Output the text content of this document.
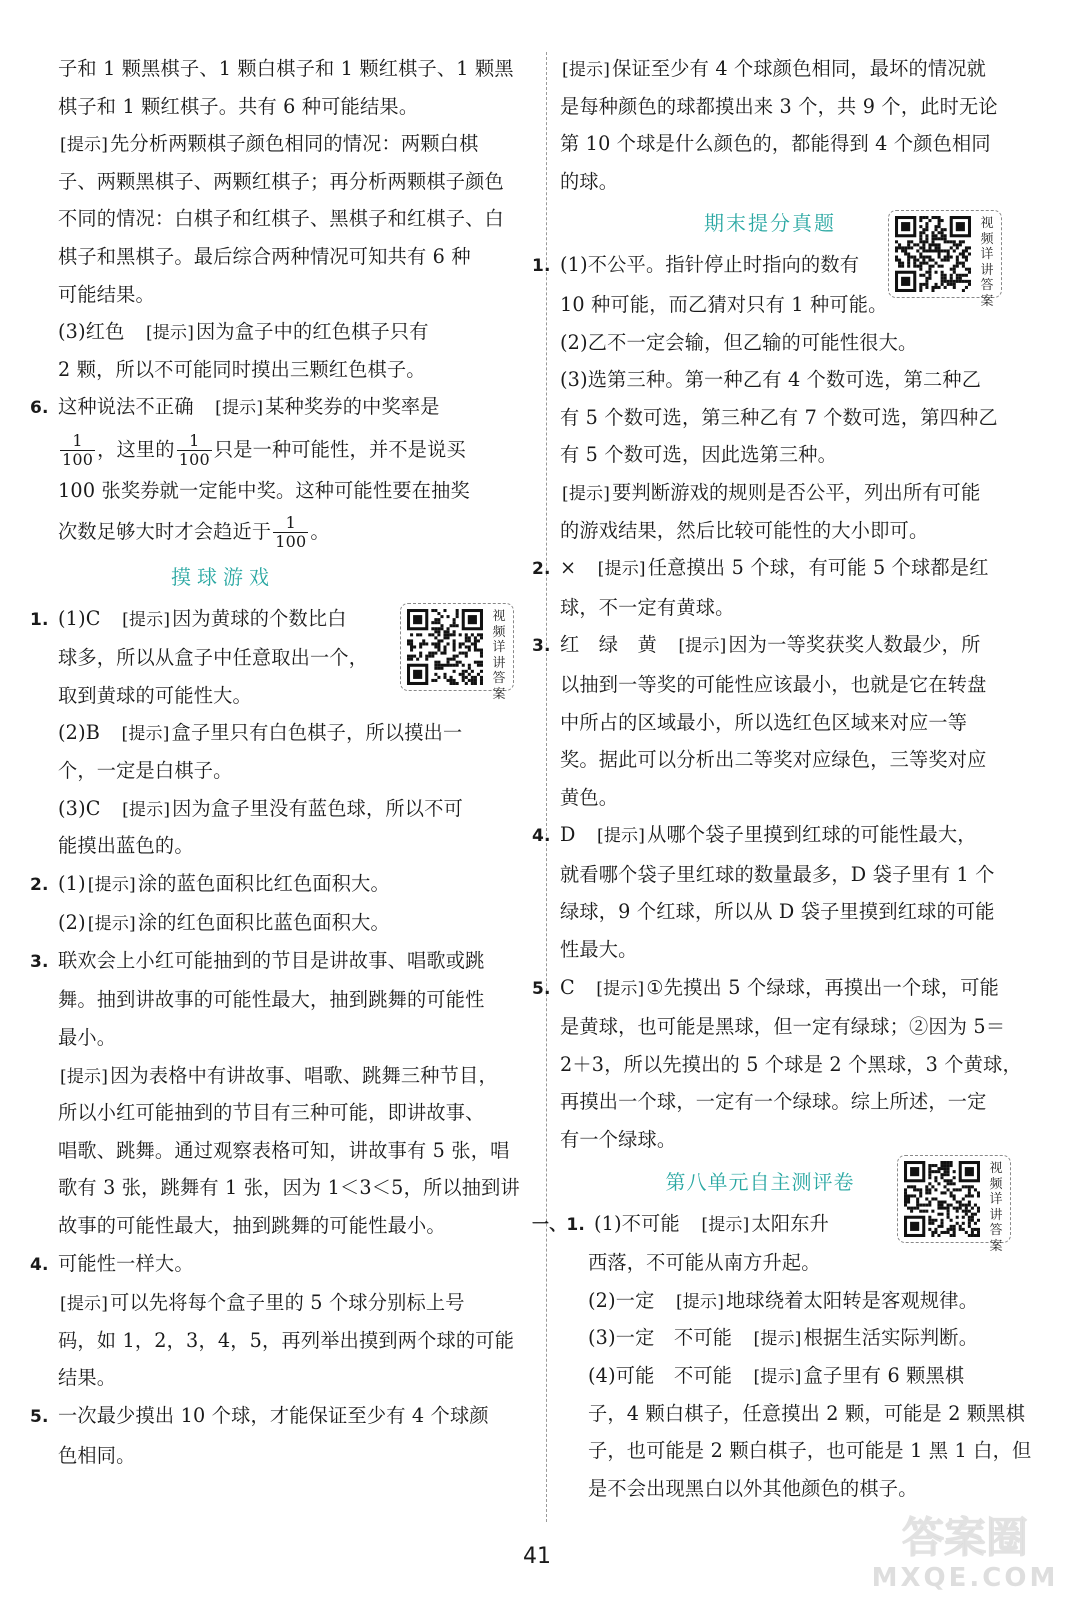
子和 1 颗黑棋子、1 颗白棋子和 1 颗红棋子、1 颗黑

棋子和 1 颗红棋子。共有 6 种可能结果。

[ 提示 ] 先分析两颗棋子颜色相同的情况：两颗白棋

子、两颗黑棋子、两颗红棋子；再分析两颗棋子颜色

不同的情况：白棋子和红棋子、黑棋子和红棋子、白

棋子和黑棋子。最后综合两种情况可知共有 6 种

可能结果。

(3)红色　 [ 提示 ] 因为盒子中的红色棋子只有

2 颗，所以不可能同时摸出三颗红色棋子。

6. 这种说法不正确　 [ 提示 ] 某种奖券的中奖率是

$\frac{1}{100}$ ，这里的 $\frac{1}{100}$ 只是一种可能性，并不是说买

100 张奖券就一定能中奖。这种可能性要在抽奖

次数足够大时才会趋近于 $\frac{1}{100}$ 。

摸球游戏

1. (1)C　 [ 提示 ] 因为黄球的个数比白

球多，所以从盒子中任意取出一个，

取到黄球的可能性大。

(2)B　 [ 提示 ] 盒子里只有白色棋子，所以摸出一

个，一定是白棋子。

(3)C　 [ 提示 ] 因为盒子里没有蓝色球，所以不可

能摸出蓝色的。

2. (1) [ 提示 ] 涂的蓝色面积比红色面积大。

(2) [ 提示 ] 涂的红色面积比蓝色面积大。

3. 联欢会上小红可能抽到的节目是讲故事、唱歌或跳

舞。抽到讲故事的可能性最大，抽到跳舞的可能性

最小。

[ 提示 ] 因为表格中有讲故事、唱歌、跳舞三种节目，

所以小红可能抽到的节目有三种可能，即讲故事、

唱歌、跳舞。通过观察表格可知，讲故事有 5 张，唱

歌有 3 张，跳舞有 1 张，因为 1＜3＜5，所以抽到讲

故事的可能性最大，抽到跳舞的可能性最小。

4. 可能性一样大。

[ 提示 ] 可以先将每个盒子里的 5 个球分别标上号

码，如 1，2，3，4，5，再列举出摸到两个球的可能

结果。

5. 一次最少摸出 10 个球，才能保证至少有 4 个球颜

色相同。

视频详讲答案

[ 提示 ] 保证至少有 4 个球颜色相同，最坏的情况就

是每种颜色的球都摸出来 3 个，共 9 个，此时无论

第 10 个球是什么颜色的，都能得到 4 个颜色相同

的球。

期末提分真题

1. (1)不公平。指针停止时指向的数有

10 种可能，而乙猜对只有 1 种可能。

(2)乙不一定会输，但乙输的可能性很大。

(3)选第三种。第一种乙有 4 个数可选，第二种乙

有 5 个数可选，第三种乙有 7 个数可选，第四种乙

有 5 个数可选，因此选第三种。

[ 提示 ] 要判断游戏的规则是否公平，列出所有可能

的游戏结果，然后比较可能性的大小即可。

2. ×　 [ 提示 ] 任意摸出 5 个球，有可能 5 个球都是红

球，不一定有黄球。

3. 红　绿　黄　 [ 提示 ] 因为一等奖获奖人数最少，所

以抽到一等奖的可能性应该最小，也就是它在转盘

中所占的区域最小，所以选红色区域来对应一等

奖。据此可以分析出二等奖对应绿色，三等奖对应

黄色。

4. D　 [ 提示 ] 从哪个袋子里摸到红球的可能性最大，

就看哪个袋子里红球的数量最多，D 袋子里有 1 个

绿球，9 个红球，所以从 D 袋子里摸到红球的可能

性最大。

5. C　 [ 提示 ] ①先摸出 5 个绿球，再摸出一个球，可能

是黄球，也可能是黑球，但一定有绿球；②因为 5＝

2＋3，所以先摸出的 5 个球是 2 个黑球，3 个黄球，

再摸出一个球，一定有一个绿球。综上所述，一定

有一个绿球。

第八单元自主测评卷

一、1. (1)不可能　 [ 提示 ] 太阳东升

西落，不可能从南方升起。

(2)一定　 [ 提示 ] 地球绕着太阳转是客观规律。

(3)一定　不可能　 [ 提示 ] 根据生活实际判断。

(4)可能　不可能　 [ 提示 ] 盒子里有 6 颗黑棋

子，4 颗白棋子，任意摸出 2 颗，可能是 2 颗黑棋

子，也可能是 2 颗白棋子，也可能是 1 黑 1 白，但

是不会出现黑白以外其他颜色的棋子。

视频详讲答案
视频详讲答案
41	答案圈
MXQE.COM
